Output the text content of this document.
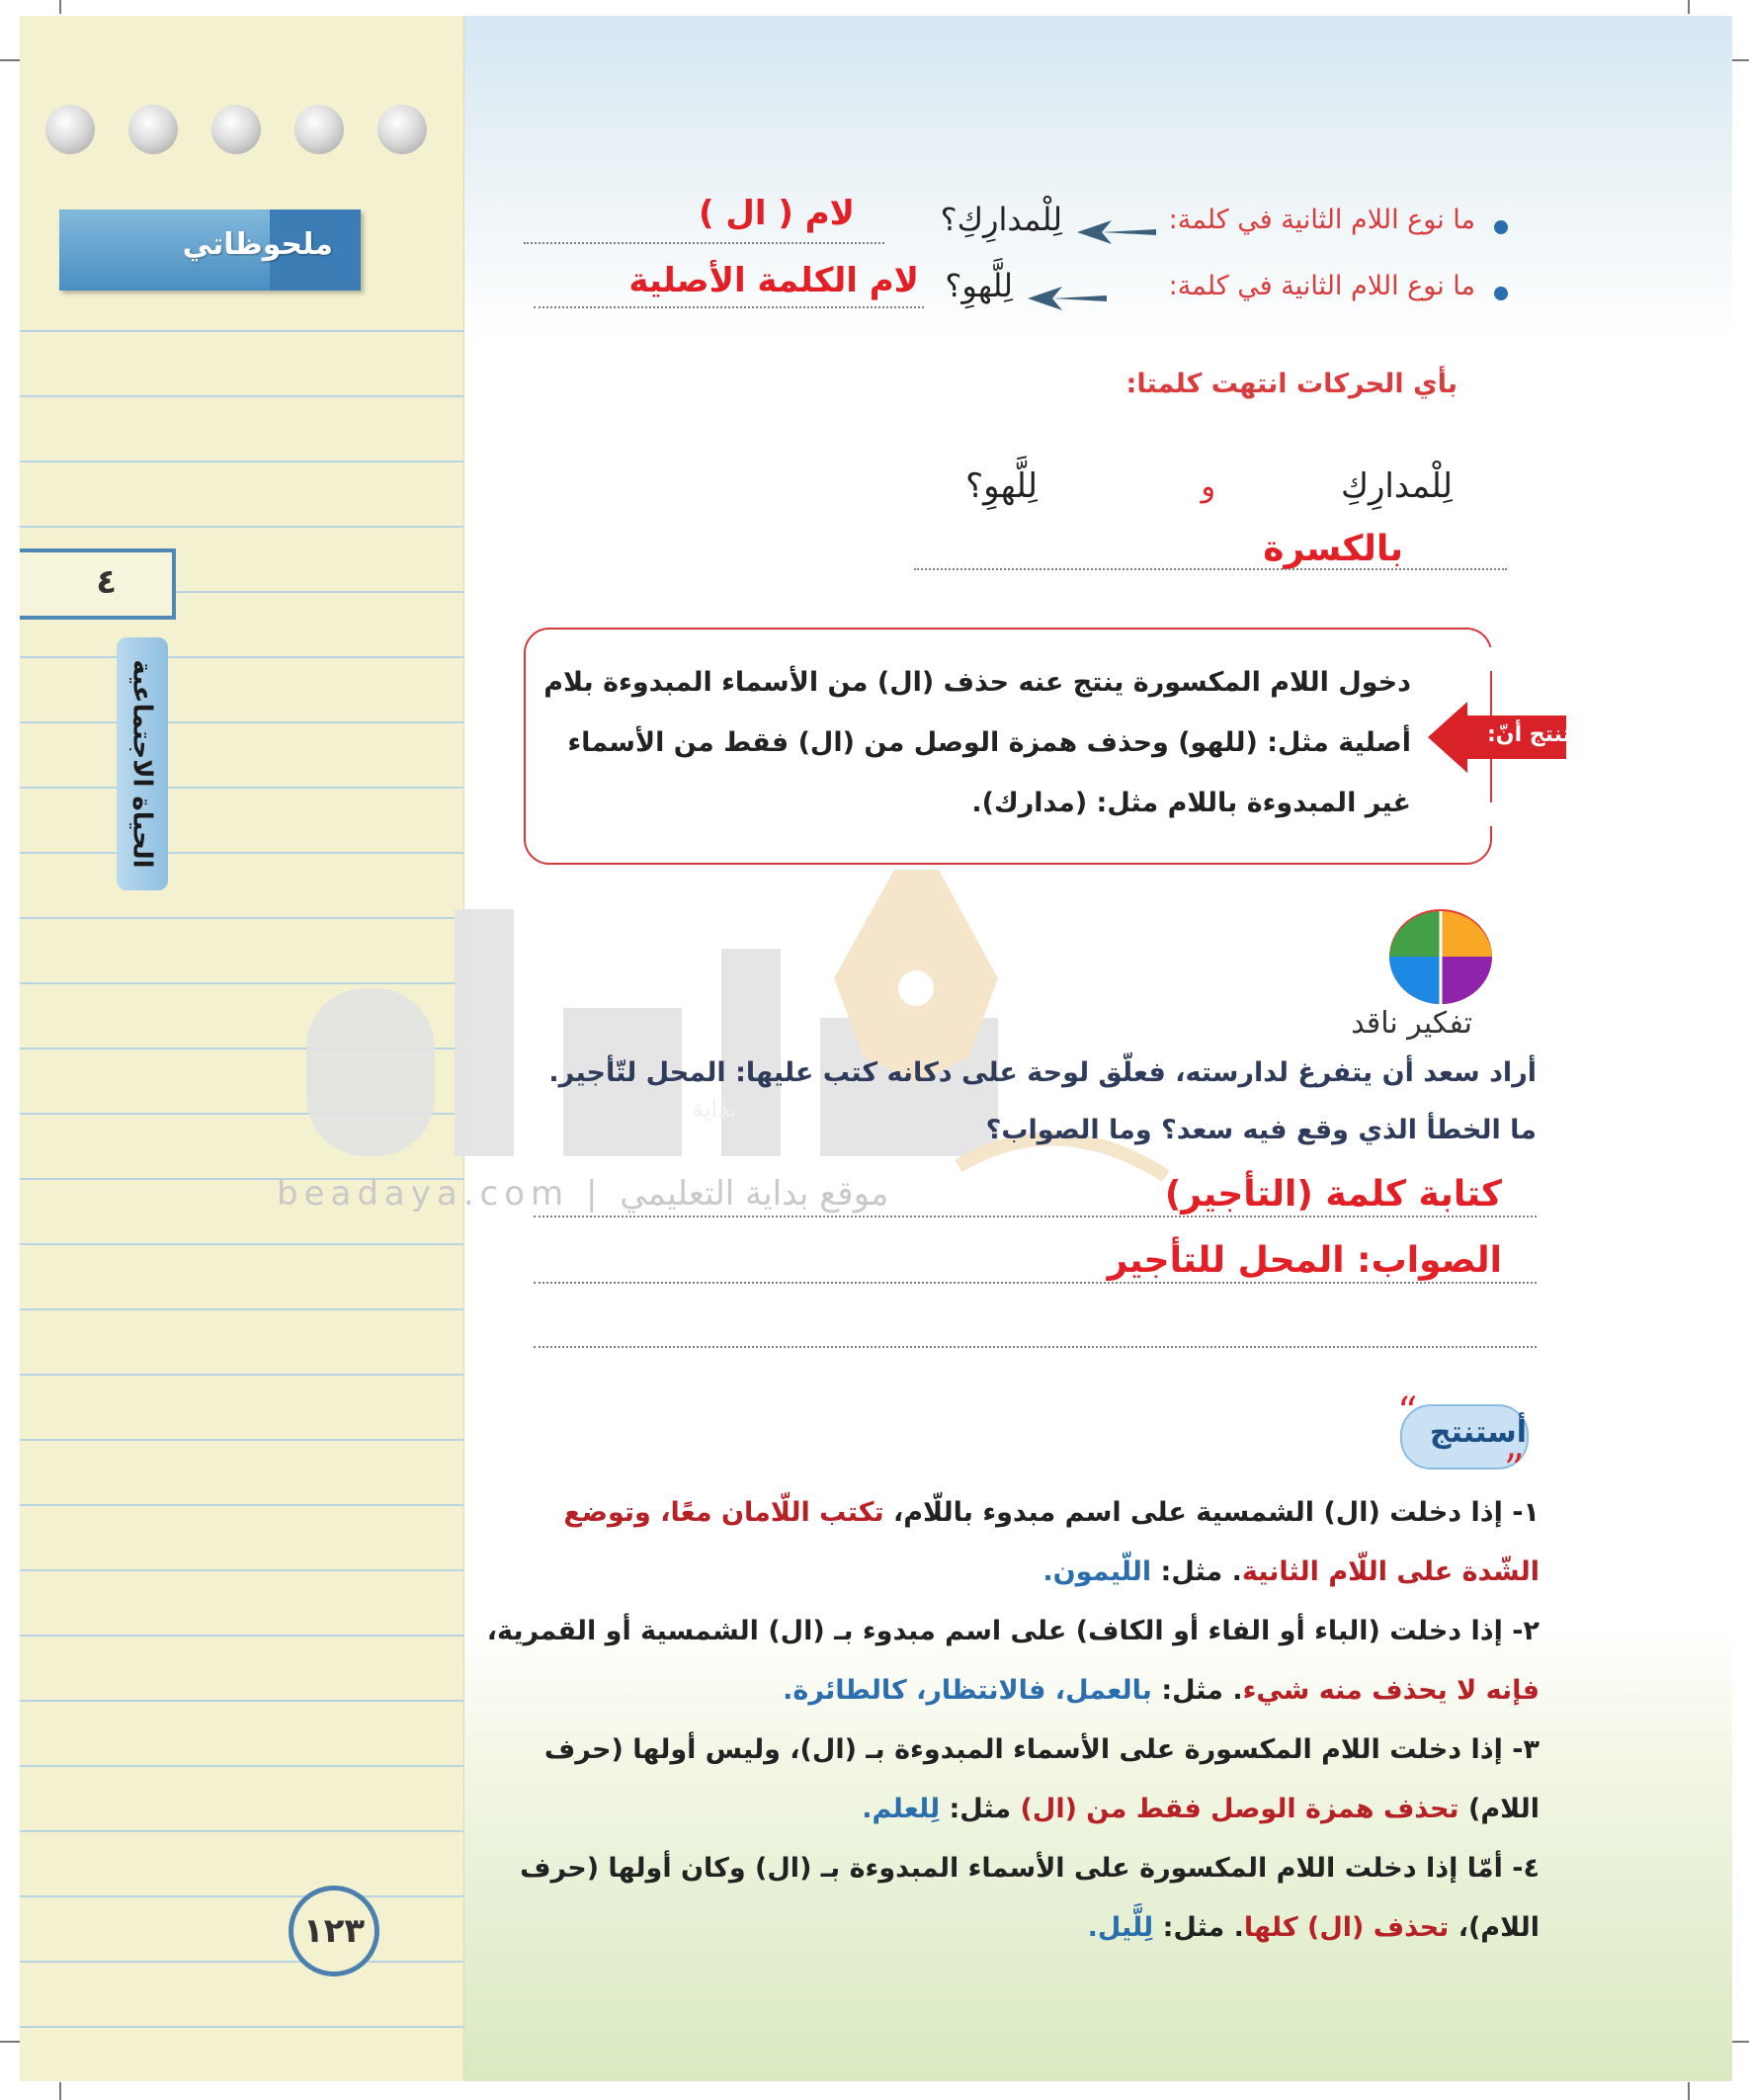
ملحوظاتي
٤
الحياة الاجتماعية
١٢٣
beadaya.com | موقع بداية التعليمي
بداية
ما نوع اللام الثانية في كلمة:
لِلْمدارِكِ؟
لام ( ال )
ما نوع اللام الثانية في كلمة:
لِلَّهوِ؟
لام الكلمة الأصلية
بأي الحركات انتهت كلمتا:
لِلْمدارِكِ
و
لِلَّهوِ؟
بالكسرة
دخول اللام المكسورة ينتج عنه حذف (ال) من الأسماء المبدوءة بلام
أصلية مثل: (للهو) وحذف همزة الوصل من (ال) فقط من الأسماء
غير المبدوءة باللام مثل: (مدارك).
أستنتج أنّ:
تفكير ناقد
أراد سعد أن يتفرغ لدارسته، فعلّق لوحة على دكانه كتب عليها: المحل لتّأجير.
ما الخطأ الذي وقع فيه سعد؟ وما الصواب؟
كتابة كلمة (التأجير)
الصواب: المحل للتأجير
“
”
أستنتج
١- إذا دخلت (ال) الشمسية على اسم مبدوء باللّام، تكتب اللّامان معًا، وتوضع
الشّدة على اللّام الثانية. مثل: اللّيمون.
٢- إذا دخلت (الباء أو الفاء أو الكاف) على اسم مبدوء بـ (ال) الشمسية أو القمرية،
فإنه لا يحذف منه شيء. مثل: بالعمل، فالانتظار، كالطائرة.
٣- إذا دخلت اللام المكسورة على الأسماء المبدوءة بـ (ال)، وليس أولها (حرف
اللام) تحذف همزة الوصل فقط من (ال) مثل: لِلعلم.
٤- أمّا إذا دخلت اللام المكسورة على الأسماء المبدوءة بـ (ال) وكان أولها (حرف
اللام)، تحذف (ال) كلها. مثل: لِلَّيل.
